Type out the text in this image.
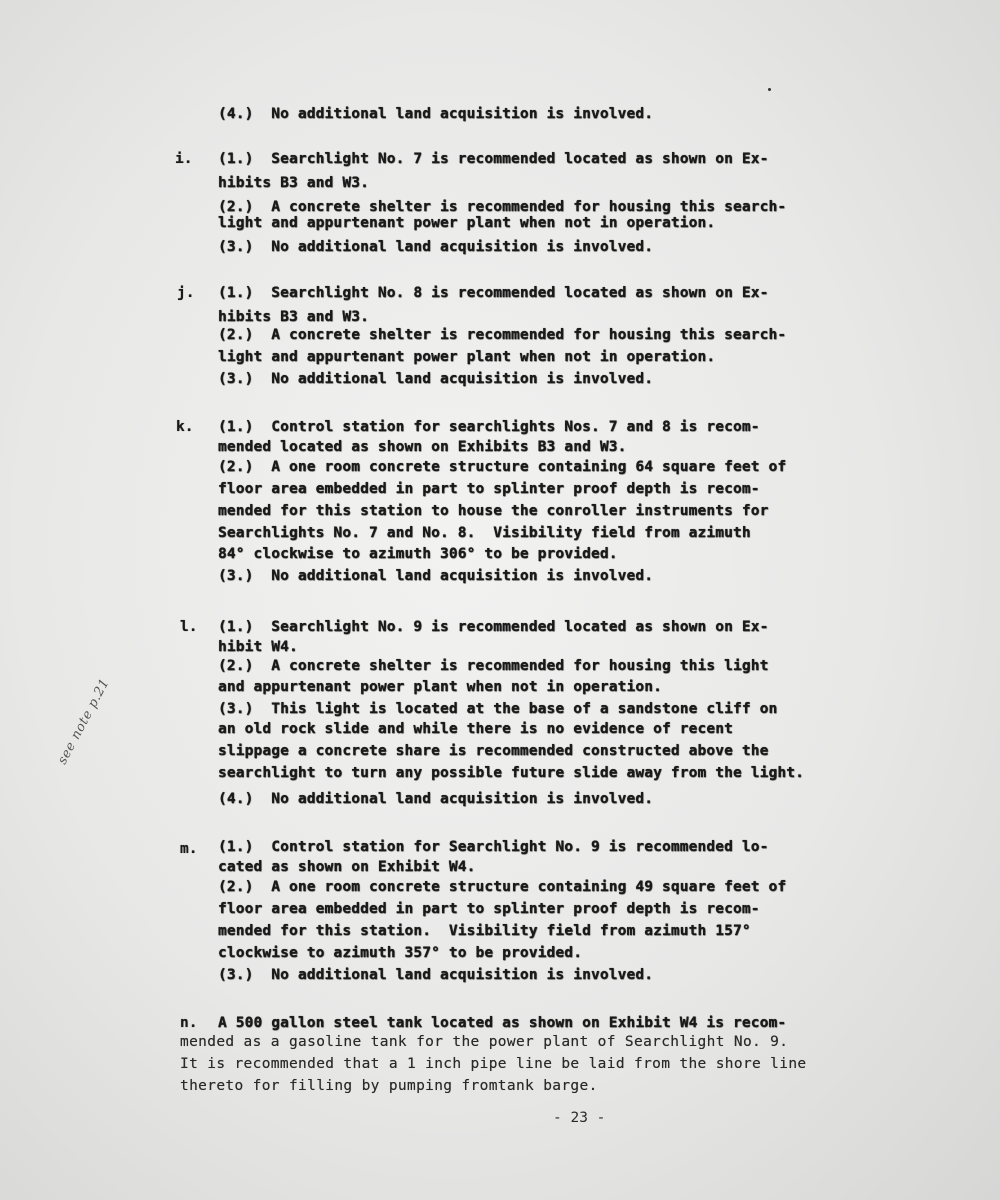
(4.)  No additional land acquisition is involved.
i. (1.)  Searchlight No. 7 is recommended located as shown on Ex-
hibits B3 and W3.
(2.)  A concrete shelter is recommended for housing this search-
light and appurtenant power plant when not in operation.
(3.)  No additional land acquisition is involved.
j. (1.)  Searchlight No. 8 is recommended located as shown on Ex-
hibits B3 and W3.
(2.)  A concrete shelter is recommended for housing this search-
light and appurtenant power plant when not in operation.
(3.)  No additional land acquisition is involved.
k. (1.)  Control station for searchlights Nos. 7 and 8 is recom-
mended located as shown on Exhibits B3 and W3.
(2.)  A one room concrete structure containing 64 square feet of
floor area embedded in part to splinter proof depth is recom-
mended for this station to house the conroller instruments for
Searchlights No. 7 and No. 8.  Visibility field from azimuth
84° clockwise to azimuth 306° to be provided.
(3.)  No additional land acquisition is involved.
l. (1.)  Searchlight No. 9 is recommended located as shown on Ex-
hibit W4.
(2.)  A concrete shelter is recommended for housing this light
and appurtenant power plant when not in operation.
(3.)  This light is located at the base of a sandstone cliff on
an old rock slide and while there is no evidence of recent
slippage a concrete share is recommended constructed above the
searchlight to turn any possible future slide away from the light.
(4.)  No additional land acquisition is involved.
m. (1.)  Control station for Searchlight No. 9 is recommended lo-
cated as shown on Exhibit W4.
(2.)  A one room concrete structure containing 49 square feet of
floor area embedded in part to splinter proof depth is recom-
mended for this station.  Visibility field from azimuth 157°
clockwise to azimuth 357° to be provided.
(3.)  No additional land acquisition is involved.
n. A 500 gallon steel tank located as shown on Exhibit W4 is recom-
mended as a gasoline tank for the power plant of Searchlight No. 9.
It is recommended that a 1 inch pipe line be laid from the shore line
thereto for filling by pumping fromtank barge.
see note p.21
- 23 -
